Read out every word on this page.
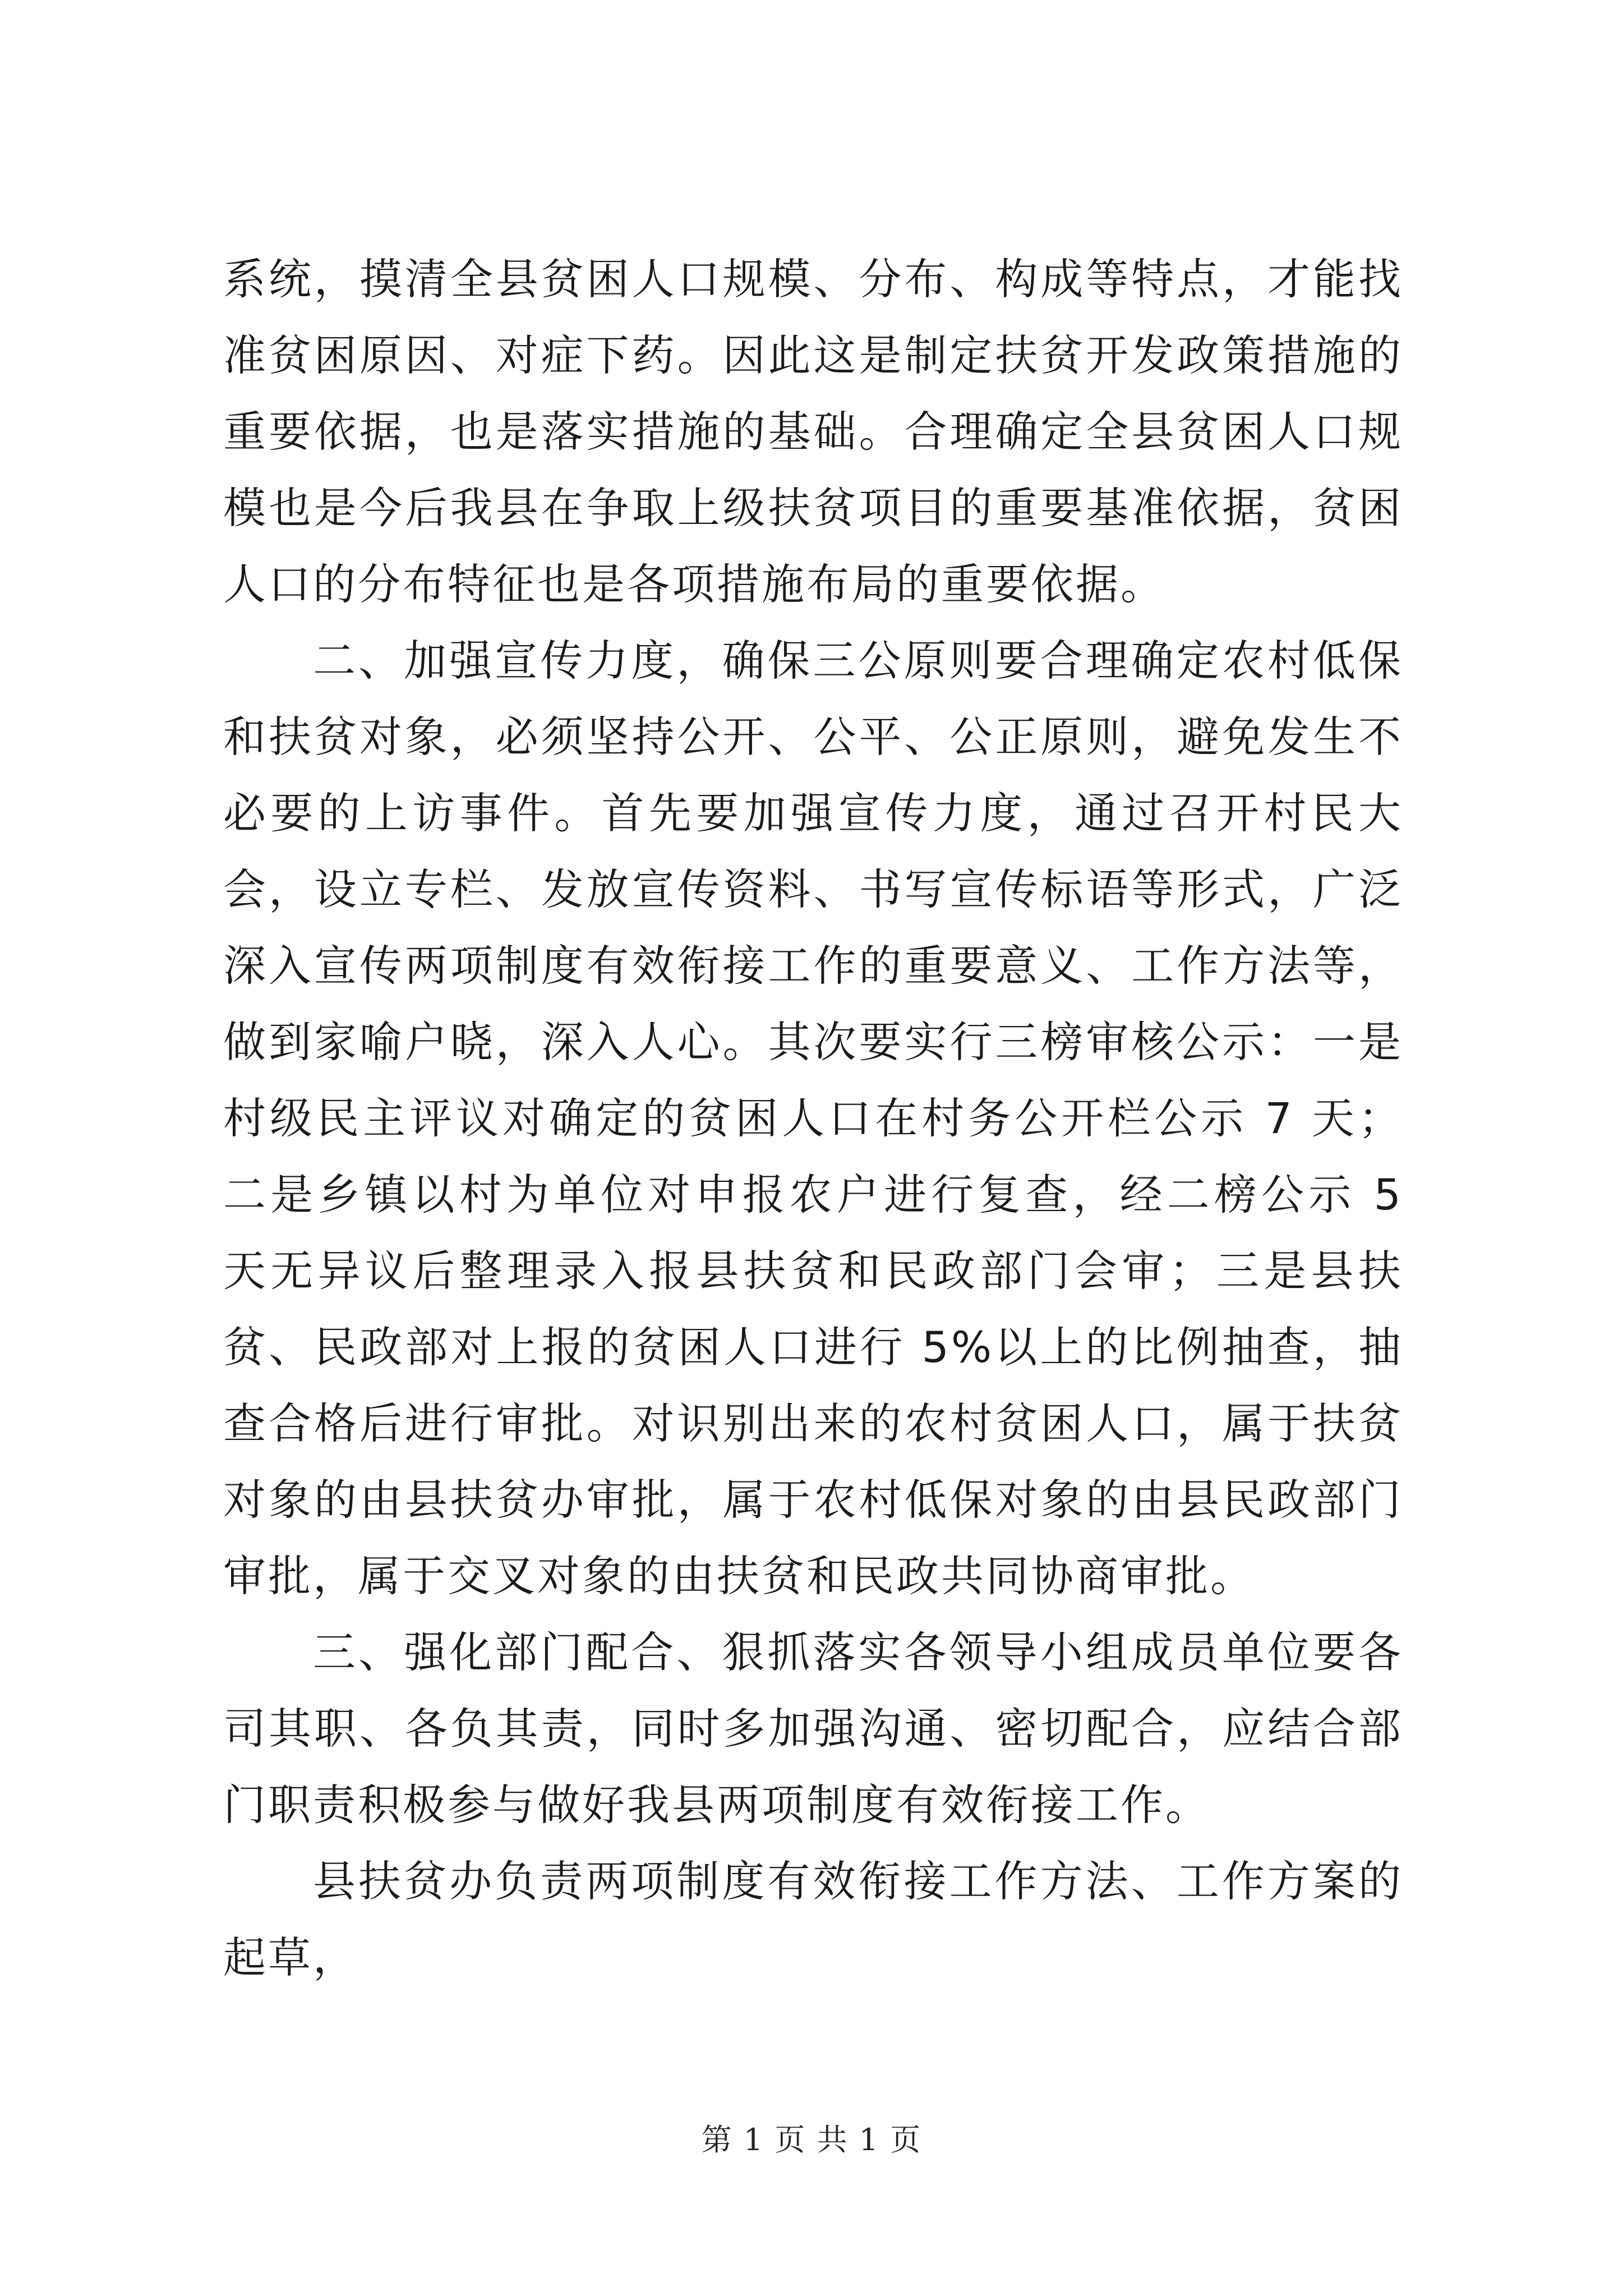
系统，摸清全县贫困人口规模、分布、构成等特点，才能找准贫困原因、对症下药。因此这是制定扶贫开发政策措施的重要依据，也是落实措施的基础。合理确定全县贫困人口规模也是今后我县在争取上级扶贫项目的重要基准依据，贫困人口的分布特征也是各项措施布局的重要依据。

二、加强宣传力度，确保三公原则要合理确定农村低保和扶贫对象，必须坚持公开、公平、公正原则，避免发生不必要的上访事件。首先要加强宣传力度，通过召开村民大会，设立专栏、发放宣传资料、书写宣传标语等形式，广泛深入宣传两项制度有效衔接工作的重要意义、工作方法等，做到家喻户晓，深入人心。其次要实行三榜审核公示：一是村级民主评议对确定的贫困人口在村务公开栏公示 7 天；二是乡镇以村为单位对申报农户进行复查，经二榜公示 5 天无异议后整理录入报县扶贫和民政部门会审；三是县扶贫、民政部对上报的贫困人口进行 5%以上的比例抽查，抽查合格后进行审批。对识别出来的农村贫困人口，属于扶贫对象的由县扶贫办审批，属于农村低保对象的由县民政部门审批，属于交叉对象的由扶贫和民政共同协商审批。

三、强化部门配合、狠抓落实各领导小组成员单位要各司其职、各负其责，同时多加强沟通、密切配合，应结合部门职责积极参与做好我县两项制度有效衔接工作。

县扶贫办负责两项制度有效衔接工作方法、工作方案的起草，

第 1 页 共 1 页
